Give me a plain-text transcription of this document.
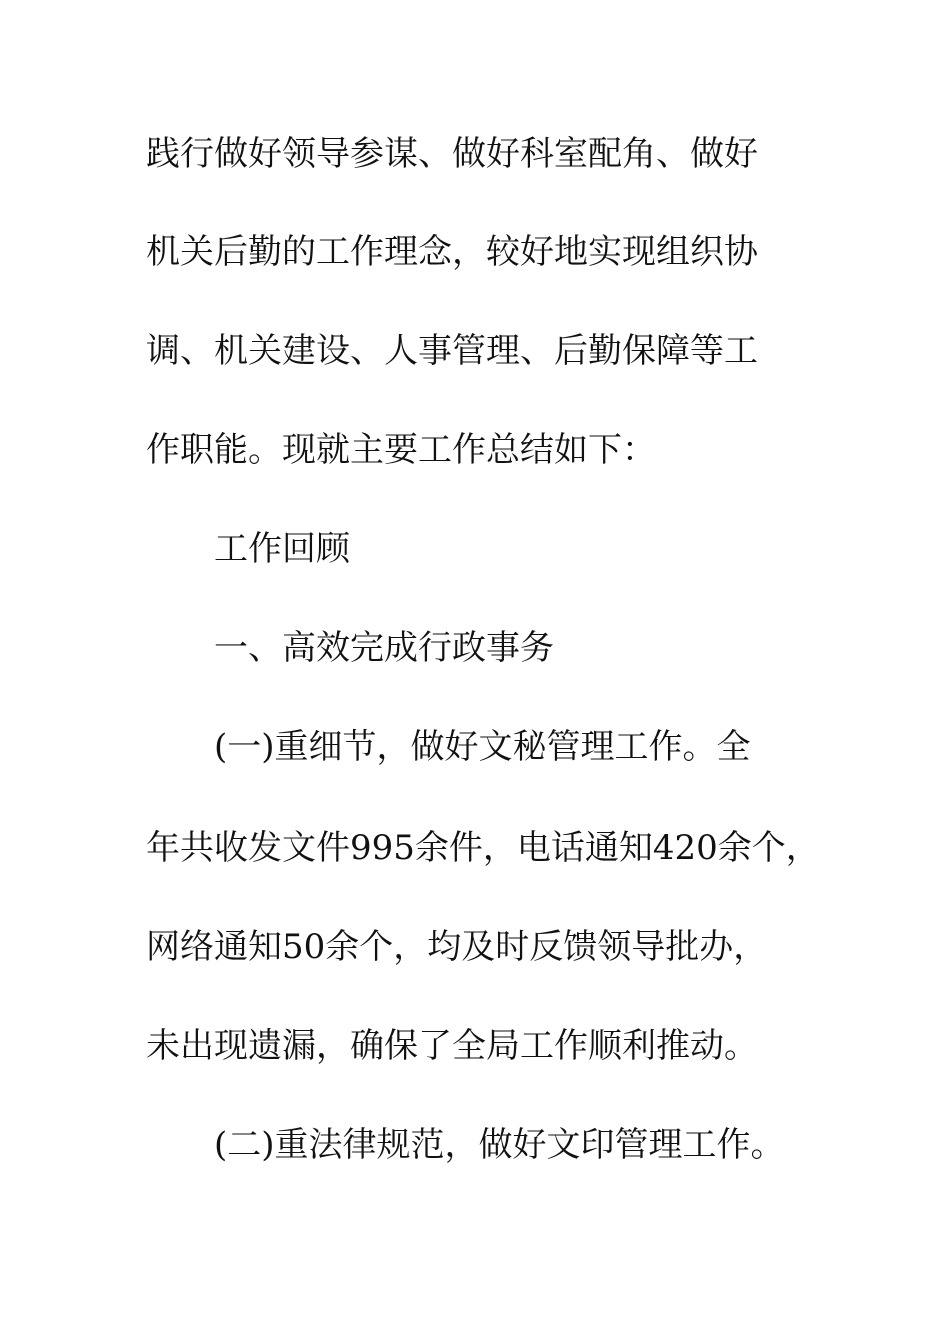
践行做好领导参谋、做好科室配角、做好
机关后勤的工作理念，较好地实现组织协
调、机关建设、人事管理、后勤保障等工
作职能。现就主要工作总结如下：
工作回顾
一、高效完成行政事务
(一)重细节，做好文秘管理工作。全
年共收发文件995余件，电话通知420余个，
网络通知50余个，均及时反馈领导批办，
未出现遗漏，确保了全局工作顺利推动。
(二)重法律规范，做好文印管理工作。
